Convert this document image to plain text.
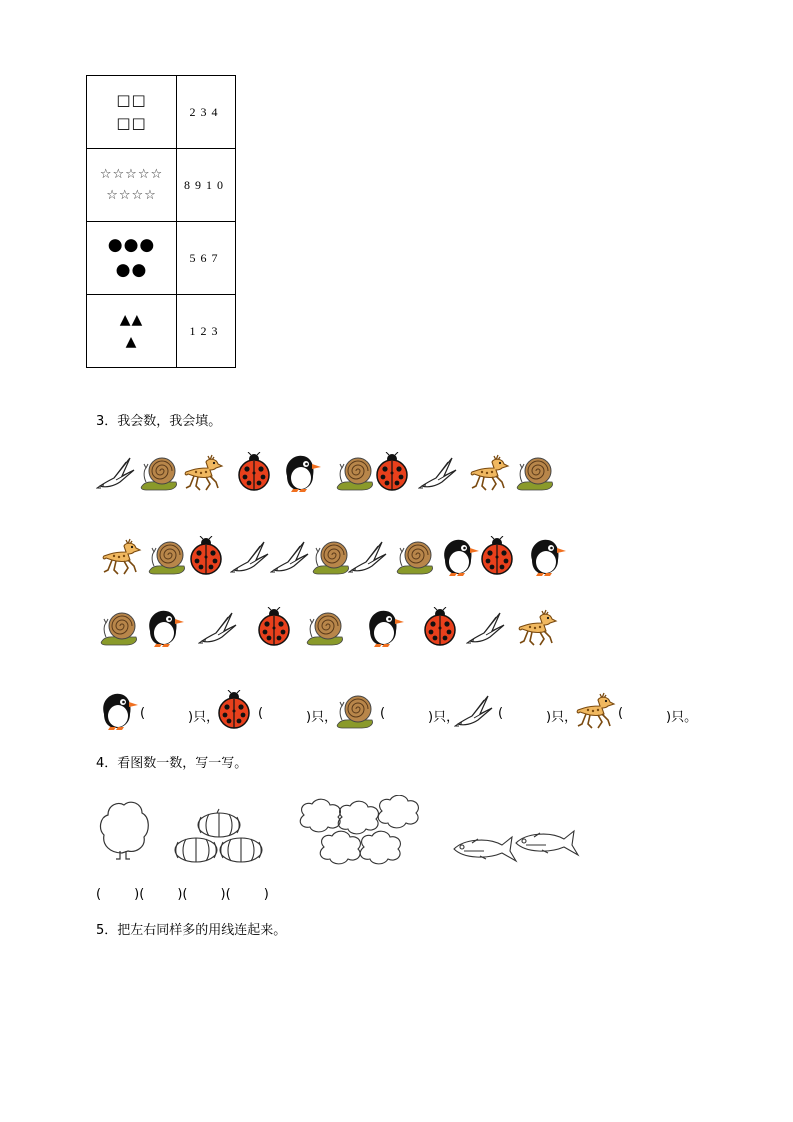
□□
□□	234

☆☆☆☆☆
☆☆☆☆	8910

●●●
●●	567

▲▲
▲	123
3．我会数，我会填。
(	)只，	(	)只，	(	)只，	(	)只，	(	)只。
4．看图数一数，写一写。
(        )(        )(        )(        )
5．把左右同样多的用线连起来。
